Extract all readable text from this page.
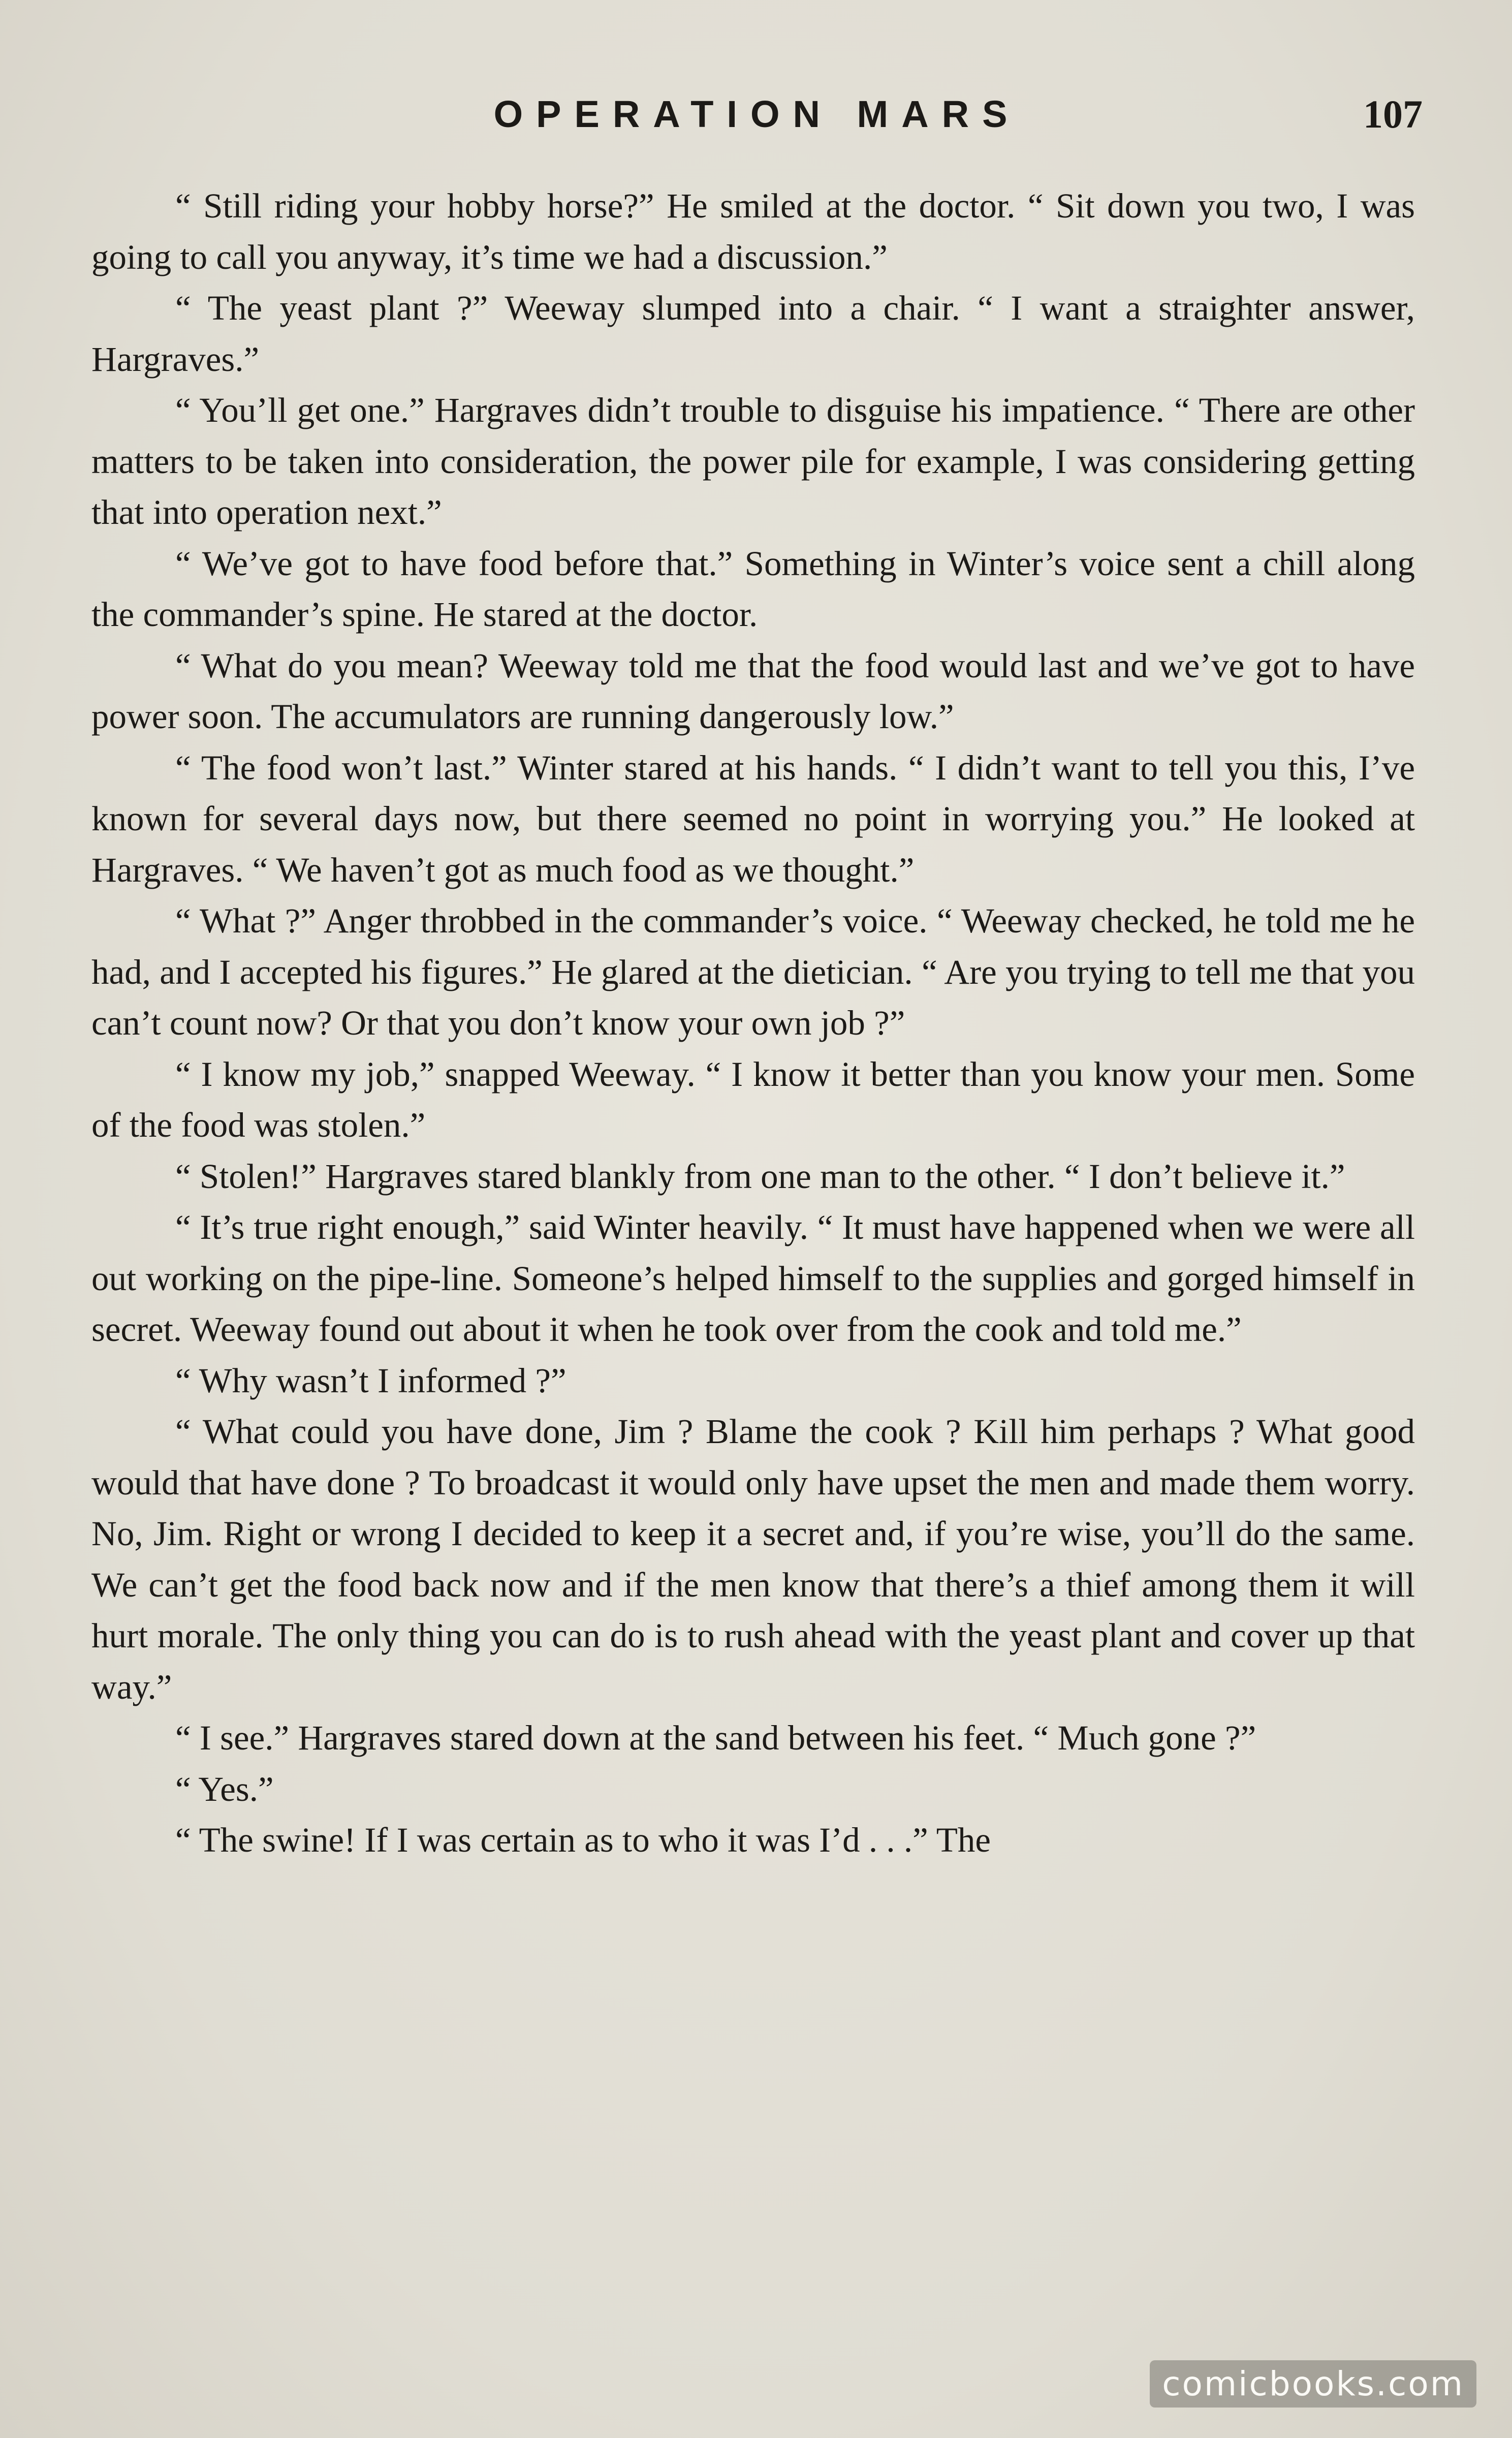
OPERATION MARS	107

“ Still riding your hobby horse?” He smiled at the doctor. “ Sit down you two, I was going to call you anyway, it’s time we had a discussion.”

“ The yeast plant ?” Weeway slumped into a chair. “ I want a straighter answer, Hargraves.”

“ You’ll get one.” Hargraves didn’t trouble to disguise his impatience. “ There are other matters to be taken into consideration, the power pile for example, I was considering getting that into operation next.”

“ We’ve got to have food before that.” Something in Winter’s voice sent a chill along the commander’s spine. He stared at the doctor.

“ What do you mean? Weeway told me that the food would last and we’ve got to have power soon. The accumulators are running dangerously low.”

“ The food won’t last.” Winter stared at his hands. “ I didn’t want to tell you this, I’ve known for several days now, but there seemed no point in worrying you.” He looked at Hargraves. “ We haven’t got as much food as we thought.”

“ What ?” Anger throbbed in the commander’s voice. “ Weeway checked, he told me he had, and I accepted his figures.” He glared at the dietician. “ Are you trying to tell me that you can’t count now? Or that you don’t know your own job ?”

“ I know my job,” snapped Weeway. “ I know it better than you know your men. Some of the food was stolen.”

“ Stolen!” Hargraves stared blankly from one man to the other. “ I don’t believe it.”

“ It’s true right enough,” said Winter heavily. “ It must have happened when we were all out working on the pipe-line. Someone’s helped himself to the supplies and gorged himself in secret. Weeway found out about it when he took over from the cook and told me.”

“ Why wasn’t I informed ?”

“ What could you have done, Jim ? Blame the cook ? Kill him perhaps ? What good would that have done ? To broadcast it would only have upset the men and made them worry. No, Jim. Right or wrong I decided to keep it a secret and, if you’re wise, you’ll do the same. We can’t get the food back now and if the men know that there’s a thief among them it will hurt morale. The only thing you can do is to rush ahead with the yeast plant and cover up that way.”

“ I see.” Hargraves stared down at the sand between his feet. “ Much gone ?”

“ Yes.”

“ The swine! If I was certain as to who it was I’d . . .” The

comicbooks.com
